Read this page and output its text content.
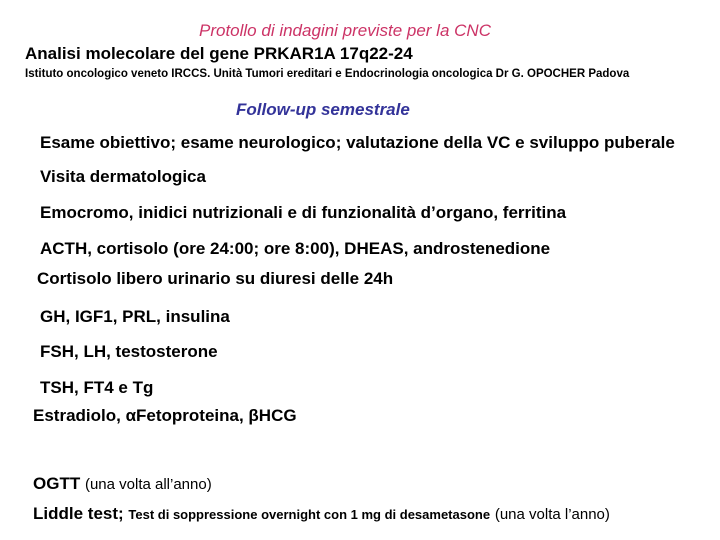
Protollo di indagini previste per la CNC
Analisi molecolare del gene PRKAR1A 17q22-24
Istituto oncologico veneto IRCCS. Unità Tumori ereditari e Endocrinologia oncologica Dr G. OPOCHER Padova
Follow-up semestrale
Esame obiettivo; esame neurologico; valutazione della VC e sviluppo puberale
Visita dermatologica
Emocromo, inidici nutrizionali e di funzionalità d’organo, ferritina
ACTH, cortisolo (ore 24:00; ore 8:00), DHEAS, androstenedione
Cortisolo libero urinario su diuresi delle 24h
GH, IGF1, PRL, insulina
FSH, LH, testosterone
TSH, FT4 e Tg
Estradiolo, αFetoproteina, βHCG
OGTT (una volta all’anno)
Liddle test; Test di soppressione overnight con 1 mg di desametasone (una volta l’anno)
